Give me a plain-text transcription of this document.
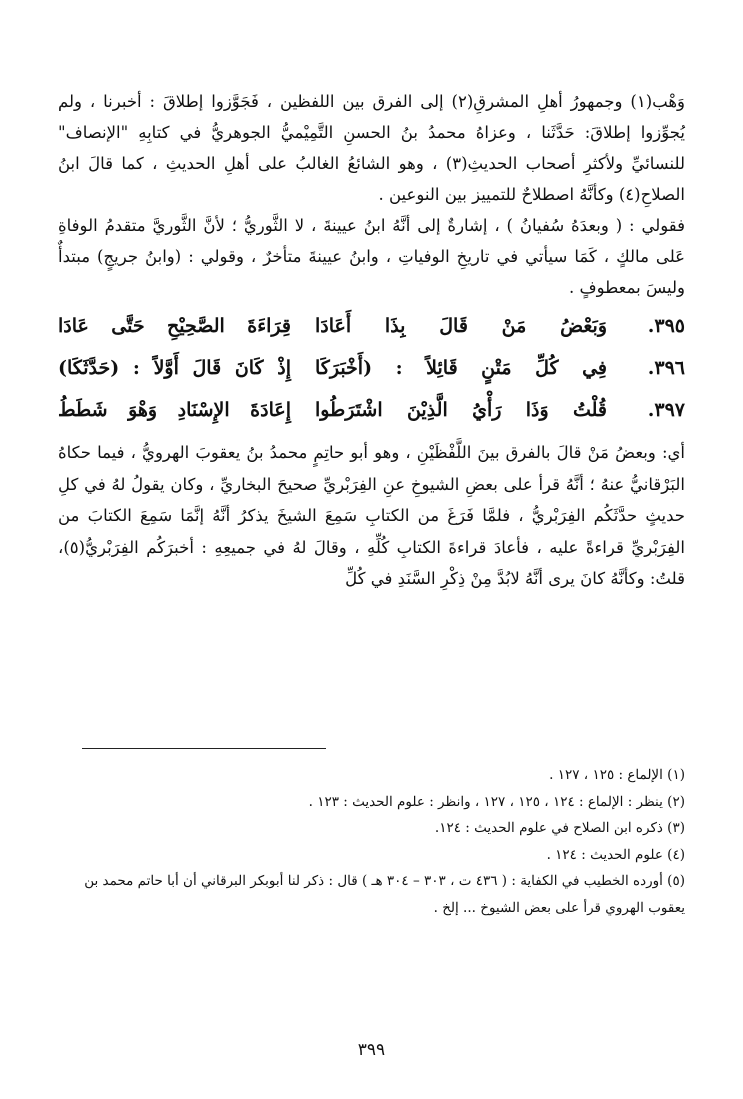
وَهْب(١) وجمهورُ أهلِ المشرقِ(٢) إلى الفرق بين اللفظين ، فَجَوَّزوا إطلاقَ : أخبرنا ، ولم يُجوِّزوا إطلاقَ: حَدَّثَنا ، وعزاهُ محمدُ بنُ الحسنِ التَّمِيْميُّ الجوهريُّ في كتابِهِ "الإنصاف" للنسائيِّ ولأكثرِ أصحاب الحديثِ(٣) ، وهو الشائعُ الغالبُ على أهلِ الحديثِ ، كما قالَ ابنُ الصلاحِ(٤) وكأنَّهُ اصطلاحٌ للتمييز بين النوعين .

فقولي : ( وبعدَهُ سُفيانُ ) ، إشارةٌ إلى أنَّهُ ابنُ عيينةَ ، لا الثَّوريُّ ؛ لأنَّ الثَّوريَّ متقدمُ الوفاةِ عَلى مالكٍ ، كَمَا سيأتي في تاريخِ الوفياتِ ، وابنُ عيينةَ متأخرٌ ، وقولي : (وابنُ جريجٍ) مبتدأٌ وليسَ بمعطوفٍ .

٣٩٥.
وَبَعْضُ مَنْ قَالَ بِذَا أَعَادَا
قِرَاءَةَ الصَّحِيْحِ حَتَّى عَادَا
٣٩٦.
فِي كُلِّ مَتْنٍ قَائِلاً : (أَخْبَرَكَا
إِذْ كَانَ قَالَ أَوَّلاً : (حَدَّثَكَا)
٣٩٧.
قُلْتُ وَذَا رَأْيُ الَّذِيْنَ اشْتَرَطُوا
إِعَادَةَ الإِسْنَادِ وَهْوَ شَطَطُ

أي: وبعضُ مَنْ قالَ بالفرق بينَ اللَّفْظَيْنِ ، وهو أبو حاتِمٍ محمدُ بنُ يعقوبَ الهرويُّ ، فيما حكاهُ البَرْقانيُّ عنهُ ؛ أنَّهُ قرأ على بعضِ الشيوخِ عنِ الفِرَبْريِّ صحيحَ البخاريِّ ، وكان يقولُ لهُ في كلِ حديثٍ حدَّثَكُم الفِرَبْريُّ ، فلمَّا فَرَغَ من الكتابِ سَمِعَ الشيخَ يذكرُ أنَّهُ إنَّمَا سَمِعَ الكتابَ من الفِرَبْريِّ قراءةً عليه ، فأعادَ قراءةَ الكتابِ كُلِّهِ ، وقالَ لهُ في جميعِهِ : أخبرَكُم الفِرَبْريُّ(٥)، قلتُ: وكأنَّهُ كانَ يرى أنَّهُ لابُدَّ مِنْ ذِكْرِ السَّنَدِ في كُلِّ

(١) الإلماع : ١٢٥ ، ١٢٧ .
(٢) ينظر : الإلماع : ١٢٤ ، ١٢٥ ، ١٢٧ ، وانظر : علوم الحديث : ١٢٣ .
(٣) ذكره ابن الصلاح في علوم الحديث : ١٢٤.
(٤) علوم الحديث : ١٢٤ .
(٥) أورده الخطيب في الكفاية : ( ٤٣٦ ت ، ٣٠٣ – ٣٠٤ هـ ) قال : ذكر لنا أبوبكر البرقاني أن أبا حاتم محمد بن يعقوب الهروي قرأ على بعض الشيوخ ... إلخ .
٣٩٩
